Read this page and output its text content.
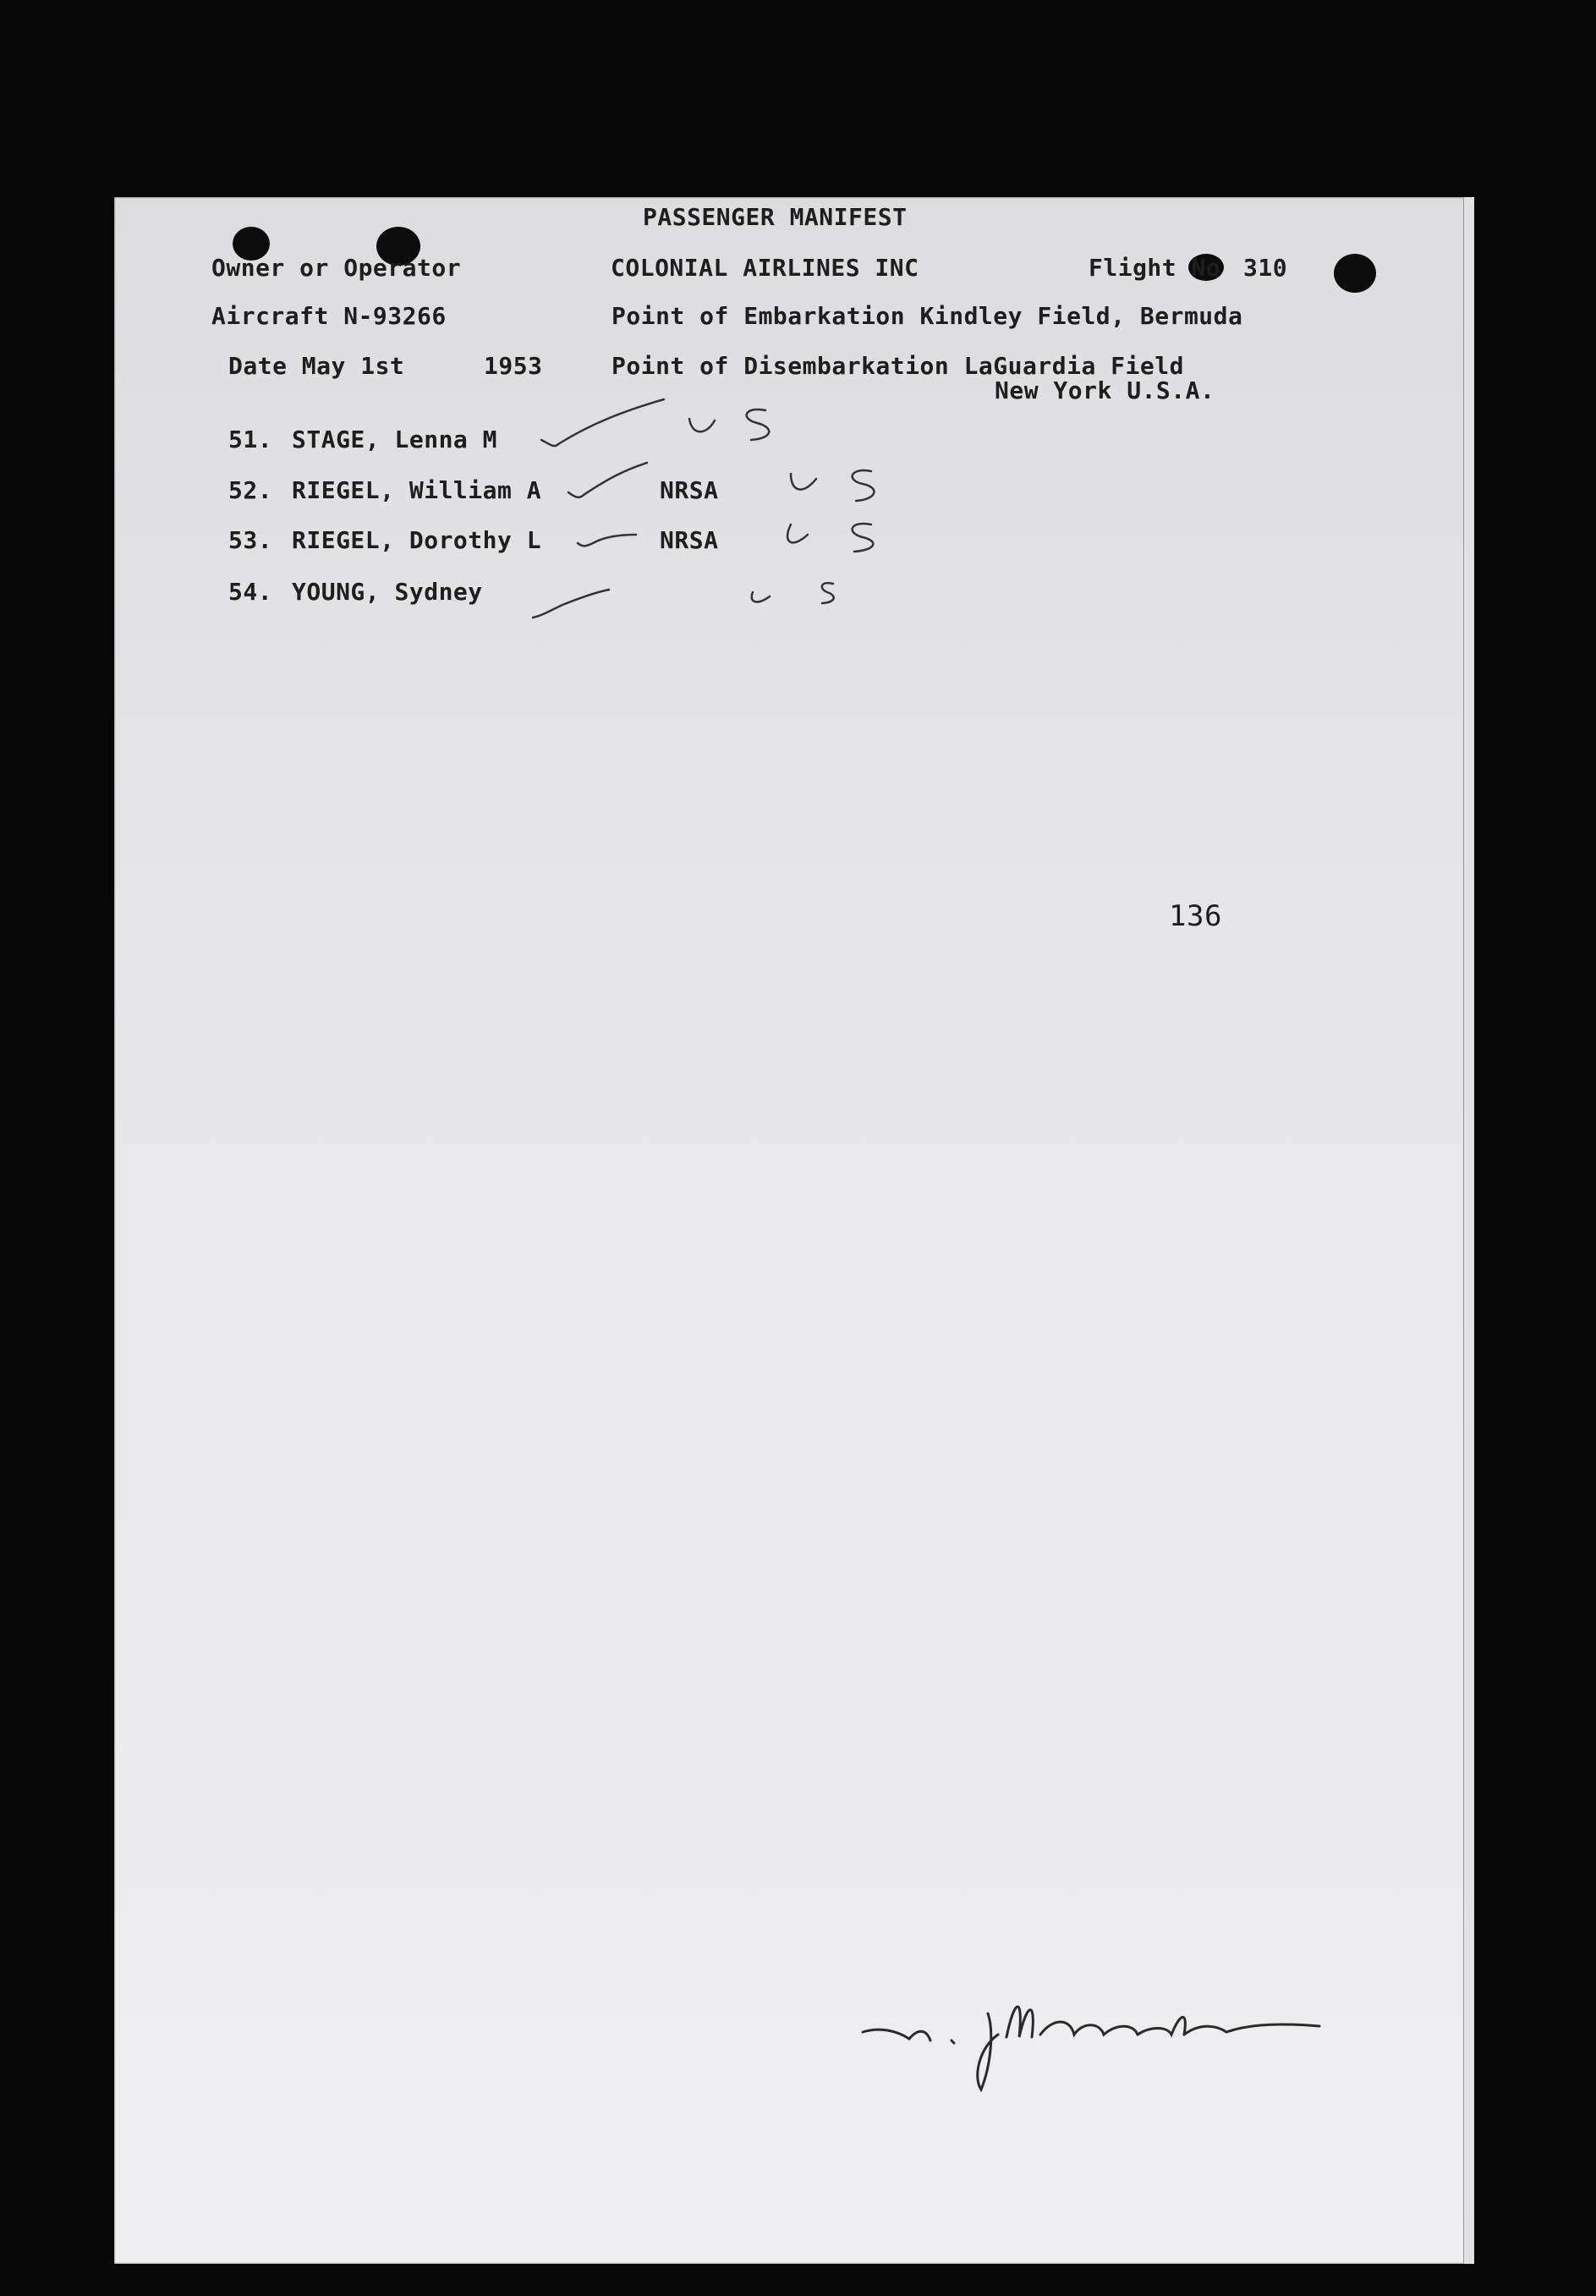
PASSENGER MANIFEST
Owner or Operator	COLONIAL AIRLINES INC	Flight No 310
Aircraft N-93266	Point of Embarkation Kindley Field, Bermuda
Date May 1st	1953	Point of Disembarkation LaGuardia Field
New York U.S.A.
51. STAGE, Lenna M
52. RIEGEL, William A	NRSA
53. RIEGEL, Dorothy L	NRSA
54. YOUNG, Sydney
136
